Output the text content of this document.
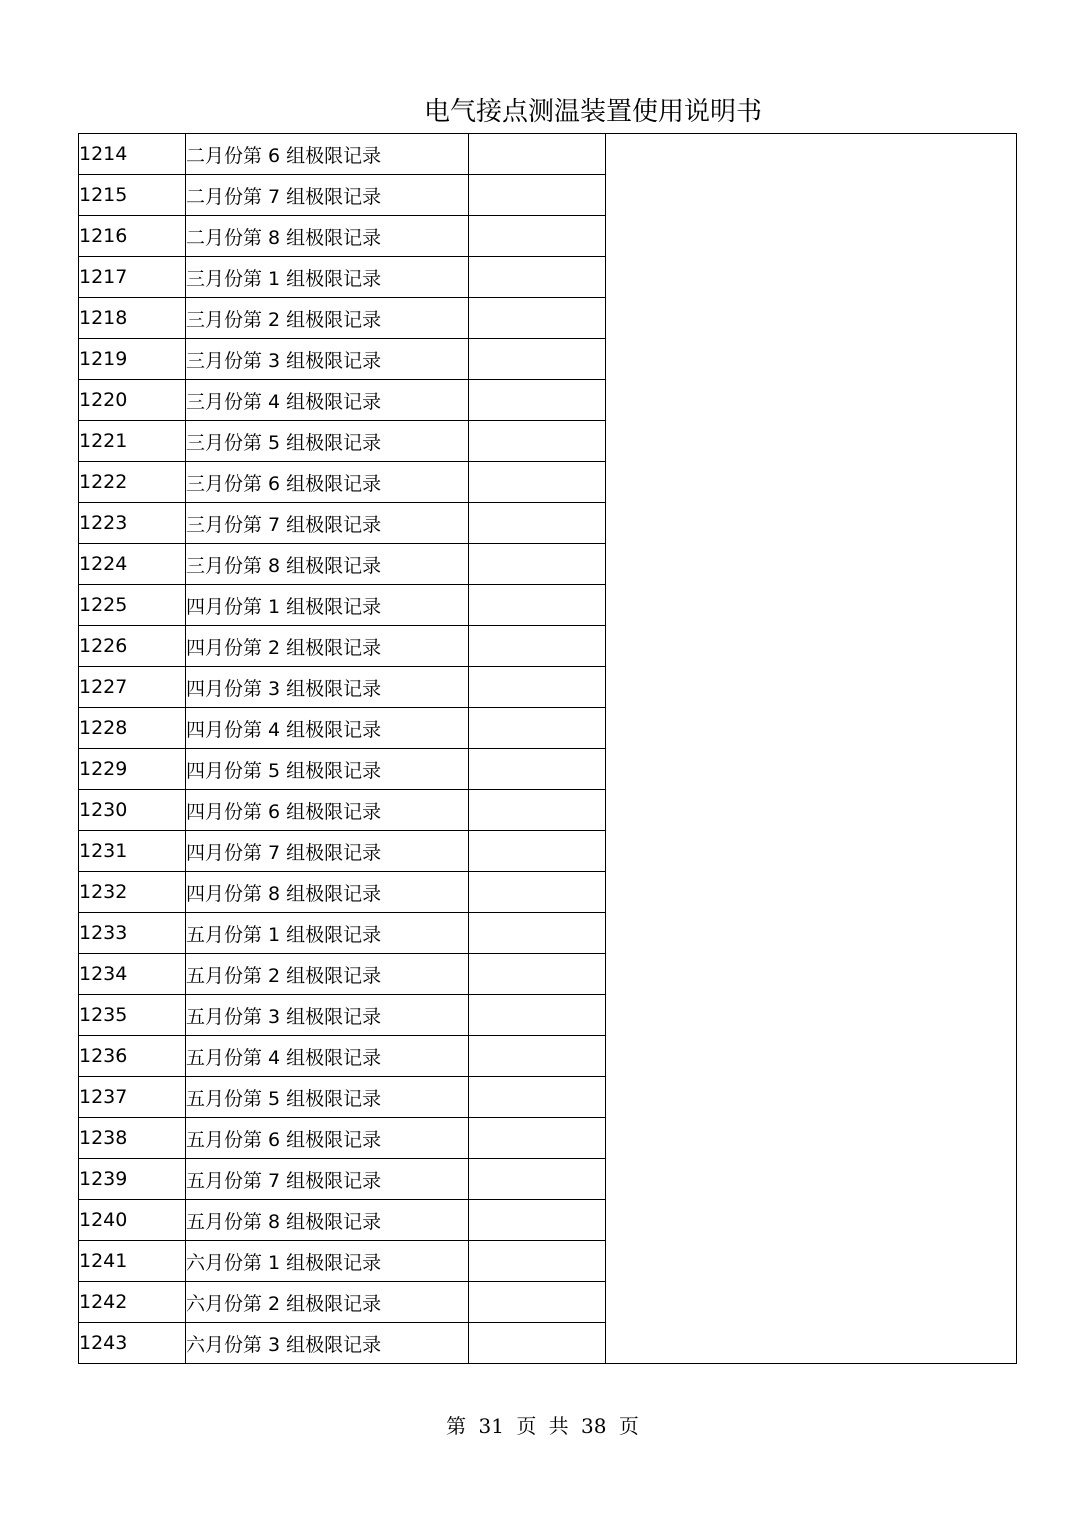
电气接点测温装置使用说明书
1214	二月份第 6 组极限记录		
1215	二月份第 7 组极限记录		
1216	二月份第 8 组极限记录		
1217	三月份第 1 组极限记录		
1218	三月份第 2 组极限记录		
1219	三月份第 3 组极限记录		
1220	三月份第 4 组极限记录		
1221	三月份第 5 组极限记录		
1222	三月份第 6 组极限记录		
1223	三月份第 7 组极限记录		
1224	三月份第 8 组极限记录		
1225	四月份第 1 组极限记录		
1226	四月份第 2 组极限记录		
1227	四月份第 3 组极限记录		
1228	四月份第 4 组极限记录		
1229	四月份第 5 组极限记录		
1230	四月份第 6 组极限记录		
1231	四月份第 7 组极限记录		
1232	四月份第 8 组极限记录		
1233	五月份第 1 组极限记录		
1234	五月份第 2 组极限记录		
1235	五月份第 3 组极限记录		
1236	五月份第 4 组极限记录		
1237	五月份第 5 组极限记录		
1238	五月份第 6 组极限记录		
1239	五月份第 7 组极限记录		
1240	五月份第 8 组极限记录		
1241	六月份第 1 组极限记录		
1242	六月份第 2 组极限记录		
1243	六月份第 3 组极限记录		
第 31 页 共 38 页
